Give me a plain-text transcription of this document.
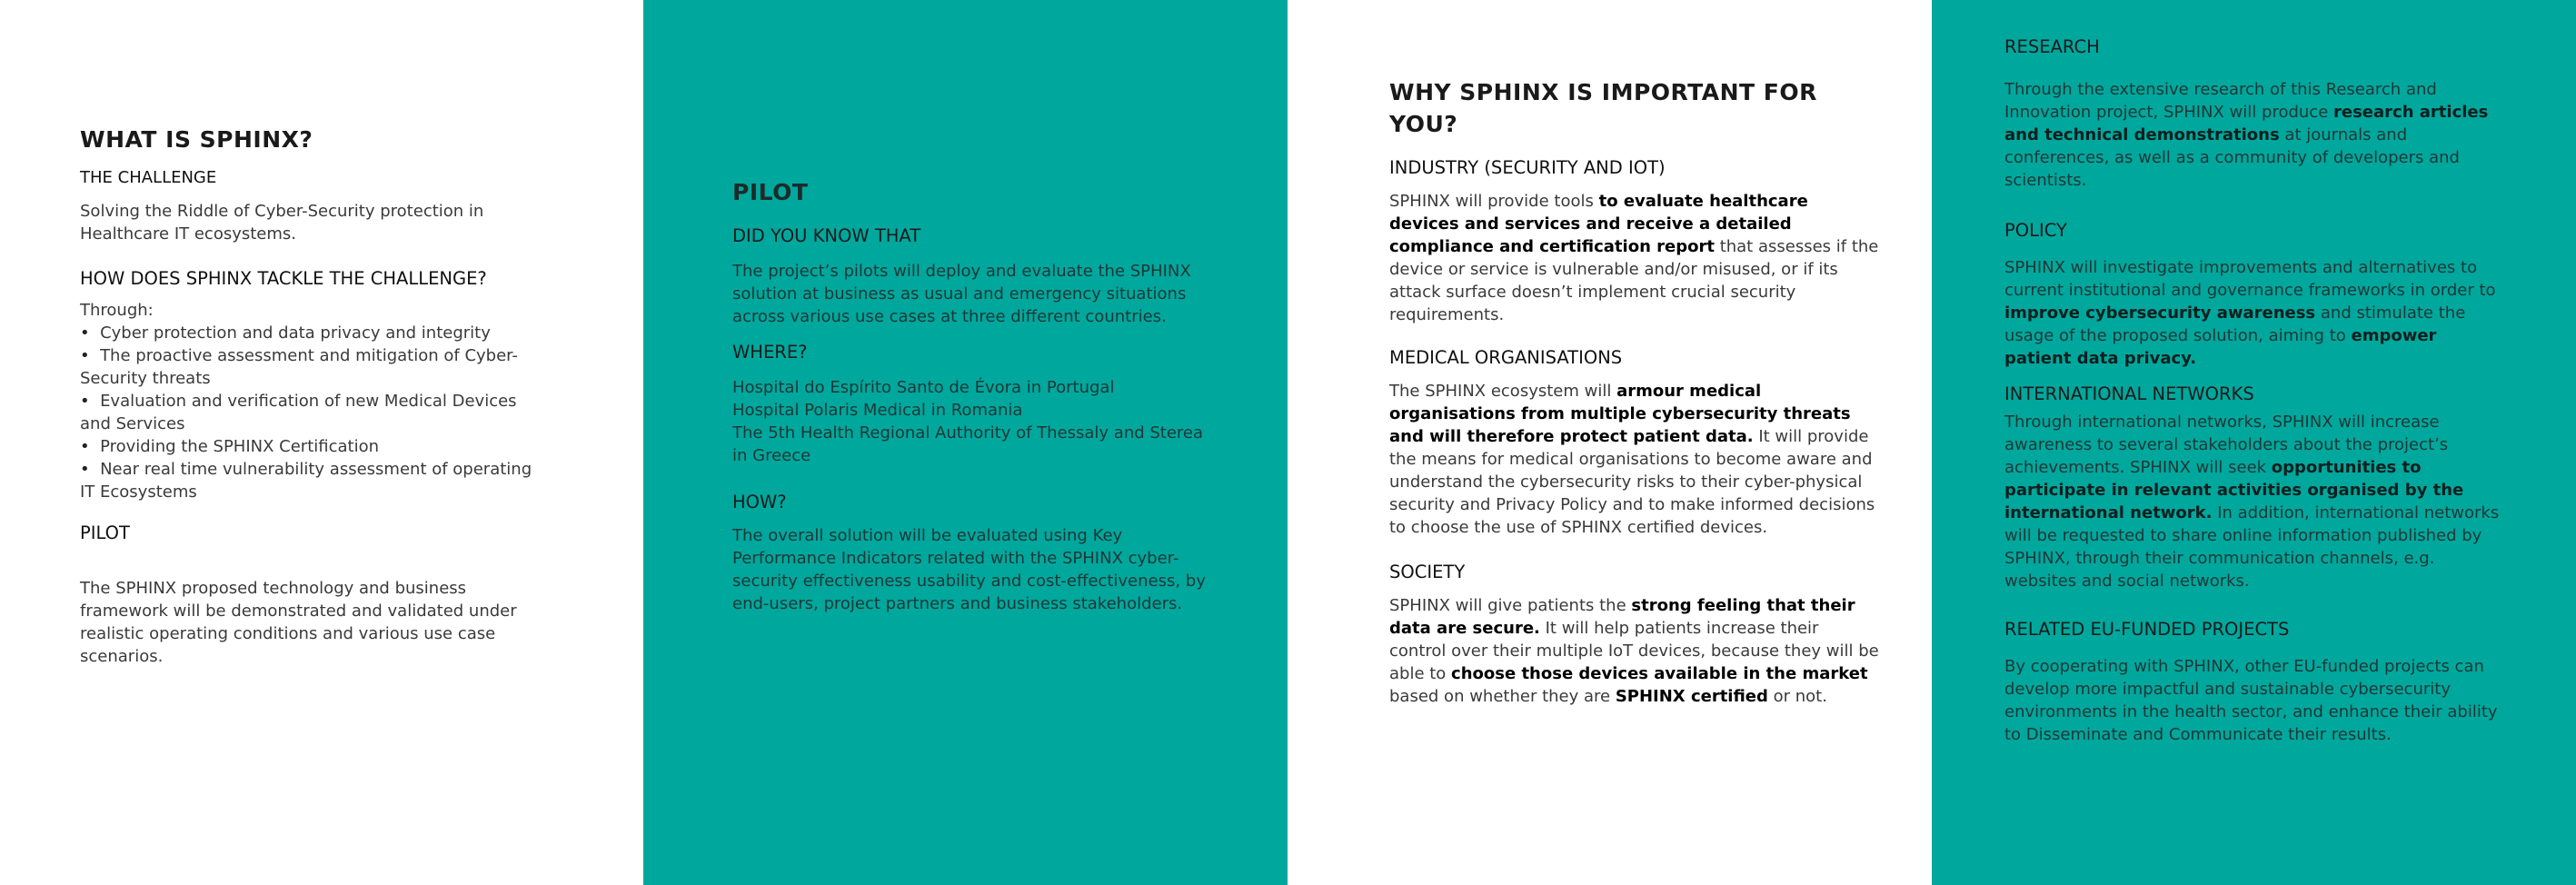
WHAT IS SPHINX?
THE CHALLENGE

Solving the Riddle of Cyber-Security protection in Healthcare IT ecosystems.

HOW DOES SPHINX TACKLE THE CHALLENGE?

Through:

•  Cyber protection and data privacy and integrity
•  The proactive assessment and mitigation of Cyber-Security threats
•  Evaluation and verification of new Medical Devices and Services
•  Providing the SPHINX Certification
•  Near real time vulnerability assessment of operating IT Ecosystems
PILOT

The SPHINX proposed technology and business framework will be demonstrated and validated under realistic operating conditions and various use case scenarios.

PILOT
DID YOU KNOW THAT

The project’s pilots will deploy and evaluate the SPHINX solution at business as usual and emergency situations across various use cases at three different countries.

WHERE?

Hospital do Espírito Santo de Évora in Portugal

Hospital Polaris Medical in Romania

The 5th Health Regional Authority of Thessaly and Sterea in Greece

HOW?

The overall solution will be evaluated using Key Performance Indicators related with the SPHINX cyber-security effectiveness usability and cost-effectiveness, by end-users, project partners and business stakeholders.

WHY SPHINX IS IMPORTANT FOR YOU?
INDUSTRY (SECURITY AND IOT)

SPHINX will provide tools to evaluate healthcare devices and services and receive a detailed compliance and certification report that assesses if the device or service is vulnerable and/or misused, or if its attack surface doesn’t implement crucial security requirements.

MEDICAL ORGANISATIONS

The SPHINX ecosystem will armour medical organisations from multiple cybersecurity threats and will therefore protect patient data. It will provide the means for medical organisations to become aware and understand the cybersecurity risks to their cyber-physical security and Privacy Policy and to make informed decisions to choose the use of SPHINX certified devices.

SOCIETY

SPHINX will give patients the strong feeling that their data are secure. It will help patients increase their control over their multiple IoT devices, because they will be able to choose those devices available in the market based on whether they are SPHINX certified or not.

RESEARCH

Through the extensive research of this Research and Innovation project, SPHINX will produce research articles and technical demonstrations at journals and conferences, as well as a community of developers and scientists.

POLICY

SPHINX will investigate improvements and alternatives to current institutional and governance frameworks in order to improve cybersecurity awareness and stimulate the usage of the proposed solution, aiming to empower patient data privacy.

INTERNATIONAL NETWORKS

Through international networks, SPHINX will increase awareness to several stakeholders about the project’s achievements. SPHINX will seek opportunities to participate in relevant activities organised by the international network. In addition, international networks will be requested to share online information published by SPHINX, through their communication channels, e.g. websites and social networks.

RELATED EU-FUNDED PROJECTS

By cooperating with SPHINX, other EU-funded projects can develop more impactful and sustainable cybersecurity environments in the health sector, and enhance their ability to Disseminate and Communicate their results.
